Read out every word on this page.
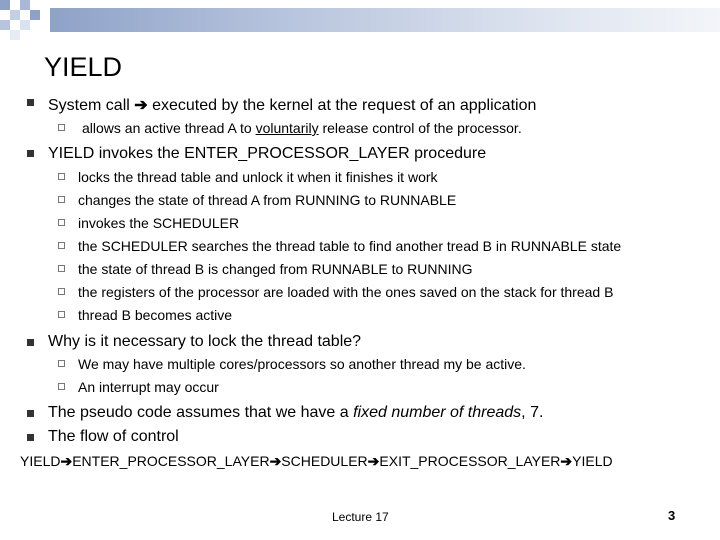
YIELD
System call ➔ executed by the kernel at the request of an application
allows an active thread A to voluntarily release control of the processor.
YIELD invokes the ENTER_PROCESSOR_LAYER procedure
locks the thread table and unlock it when it finishes it work
changes the state of thread A from RUNNING to RUNNABLE
invokes the SCHEDULER
the SCHEDULER searches the thread table to find another tread B in RUNNABLE state
the state of thread B is changed from RUNNABLE to RUNNING
the registers of the processor are loaded with the ones saved on the stack for thread B
thread B becomes active
Why is it necessary to lock the thread table?
We may have multiple cores/processors so another thread my be active.
An interrupt may occur
The pseudo code assumes that we have a fixed number of threads, 7.
The flow of control
YIELD➔ENTER_PROCESSOR_LAYER➔SCHEDULER➔EXIT_PROCESSOR_LAYER➔YIELD
Lecture 17	3
